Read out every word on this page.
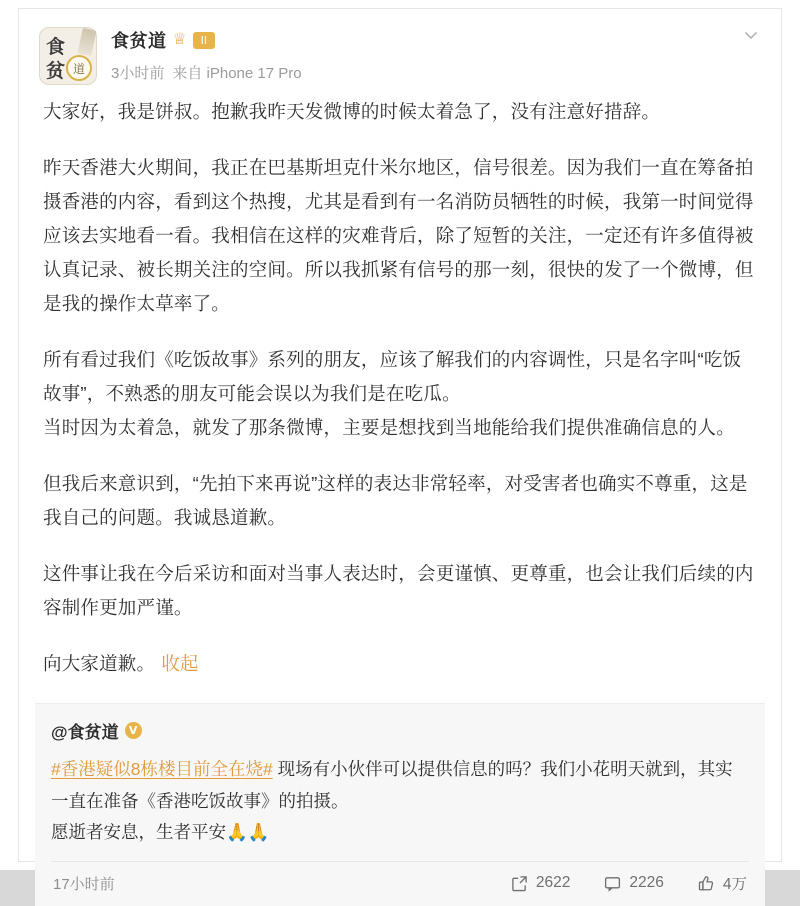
食
贫 道
食贫道 ♕	II
3小时前 来自 iPhone 17 Pro

大家好，我是饼叔。抱歉我昨天发微博的时候太着急了，没有注意好措辞。

昨天香港大火期间，我正在巴基斯坦克什米尔地区，信号很差。因为我们一直在筹备拍摄香港的内容，看到这个热搜，尤其是看到有一名消防员牺牲的时候，我第一时间觉得应该去实地看一看。我相信在这样的灾难背后，除了短暂的关注，一定还有许多值得被认真记录、被长期关注的空间。所以我抓紧有信号的那一刻，很快的发了一个微博，但是我的操作太草率了。

所有看过我们《吃饭故事》系列的朋友，应该了解我们的内容调性，只是名字叫“吃饭故事”，不熟悉的朋友可能会误以为我们是在吃瓜。

当时因为太着急，就发了那条微博，主要是想找到当地能给我们提供准确信息的人。

但我后来意识到，“先拍下来再说”这样的表达非常轻率，对受害者也确实不尊重，这是我自己的问题。我诚恳道歉。

这件事让我在今后采访和面对当事人表达时，会更谨慎、更尊重，也会让我们后续的内容制作更加严谨。

向大家道歉。 收起

@食贫道 V

#香港疑似8栋楼目前全在烧# 现场有小伙伴可以提供信息的吗？我们小花明天就到，其实一直在准备《香港吃饭故事》的拍摄。

愿逝者安息，生者平安🙏🙏

17小时前	2622	2226	4万
